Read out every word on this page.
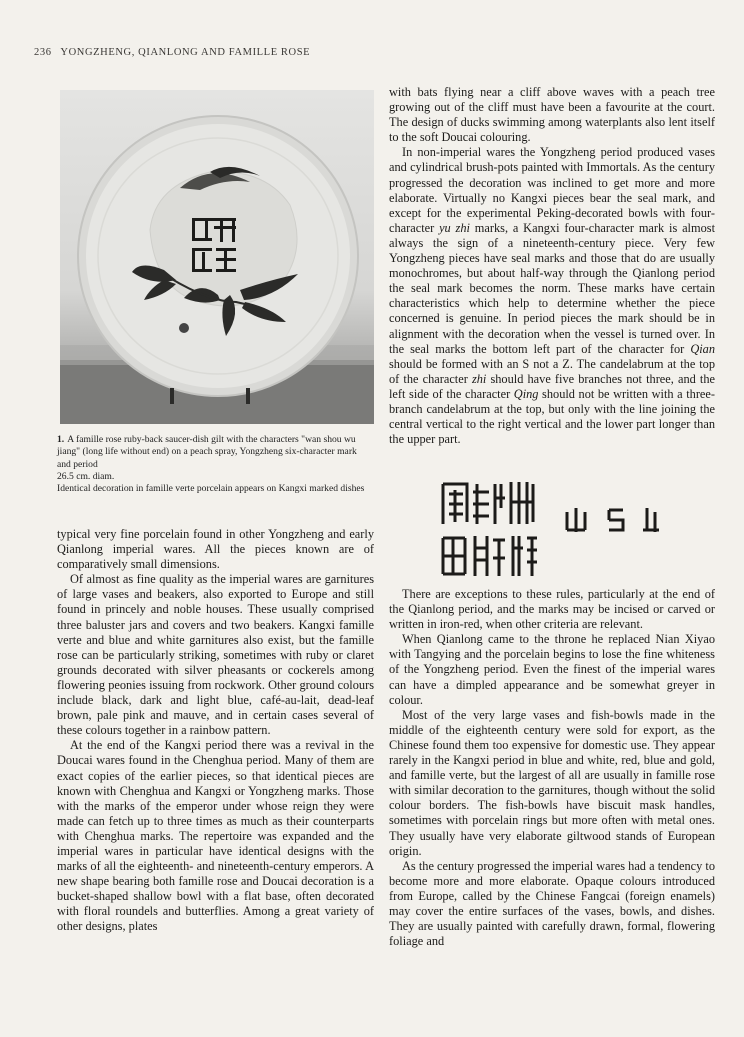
236 YONGZHENG, QIANLONG AND FAMILLE ROSE
1. A famille rose ruby-back saucer-dish gilt with the characters "wan shou wu jiang" (long life without end) on a peach spray, Yongzheng six-character mark and period
26.5 cm. diam.
Identical decoration in famille verte porcelain appears on Kangxi marked dishes

typical very fine porcelain found in other Yongzheng and early Qianlong imperial wares. All the pieces known are of comparatively small dimensions.

Of almost as fine quality as the imperial wares are garnitures of large vases and beakers, also exported to Europe and still found in princely and noble houses. These usually comprised three baluster jars and covers and two beakers. Kangxi famille verte and blue and white garnitures also exist, but the famille rose can be particularly striking, sometimes with ruby or claret grounds decorated with silver pheasants or cockerels among flowering peonies issuing from rockwork. Other ground colours include black, dark and light blue, café-au-lait, dead-leaf brown, pale pink and mauve, and in certain cases several of these colours together in a rainbow pattern.

At the end of the Kangxi period there was a revival in the Doucai wares found in the Chenghua period. Many of them are exact copies of the earlier pieces, so that identical pieces are known with Chenghua and Kangxi or Yongzheng marks. Those with the marks of the emperor under whose reign they were made can fetch up to three times as much as their counterparts with Chenghua marks. The repertoire was expanded and the imperial wares in particular have identical designs with the marks of all the eighteenth- and nineteenth-century emperors. A new shape bearing both famille rose and Doucai decoration is a bucket-shaped shallow bowl with a flat base, often decorated with floral roundels and butterflies. Among a great variety of other designs, plates

with bats flying near a cliff above waves with a peach tree growing out of the cliff must have been a favourite at the court. The design of ducks swimming among waterplants also lent itself to the soft Doucai colouring.

In non-imperial wares the Yongzheng period produced vases and cylindrical brush-pots painted with Immortals. As the century progressed the decoration was inclined to get more and more elaborate. Virtually no Kangxi pieces bear the seal mark, and except for the experimental Peking-decorated bowls with four-character yu zhi marks, a Kangxi four-character mark is almost always the sign of a nineteenth-century piece. Very few Yongzheng pieces have seal marks and those that do are usually monochromes, but about half-way through the Qianlong period the seal mark becomes the norm. These marks have certain characteristics which help to determine whether the piece concerned is genuine. In period pieces the mark should be in alignment with the decoration when the vessel is turned over. In the seal marks the bottom left part of the character for Qian should be formed with an S not a Z. The candelabrum at the top of the character zhi should have five branches not three, and the left side of the character Qing should not be written with a three-branch candelabrum at the top, but only with the line joining the central vertical to the right vertical and the lower part longer than the upper part.

There are exceptions to these rules, particularly at the end of the Qianlong period, and the marks may be incised or carved or written in iron-red, when other criteria are relevant.

When Qianlong came to the throne he replaced Nian Xiyao with Tangying and the porcelain begins to lose the fine whiteness of the Yongzheng period. Even the finest of the imperial wares can have a dimpled appearance and be somewhat greyer in colour.

Most of the very large vases and fish-bowls made in the middle of the eighteenth century were sold for export, as the Chinese found them too expensive for domestic use. They appear rarely in the Kangxi period in blue and white, red, blue and gold, and famille verte, but the largest of all are usually in famille rose with similar decoration to the garnitures, though without the solid colour borders. The fish-bowls have biscuit mask handles, sometimes with porcelain rings but more often with metal ones. They usually have very elaborate giltwood stands of European origin.

As the century progressed the imperial wares had a tendency to become more and more elaborate. Opaque colours introduced from Europe, called by the Chinese Fangcai (foreign enamels) may cover the entire surfaces of the vases, bowls, and dishes. They are usually painted with carefully drawn, formal, flowering foliage and
